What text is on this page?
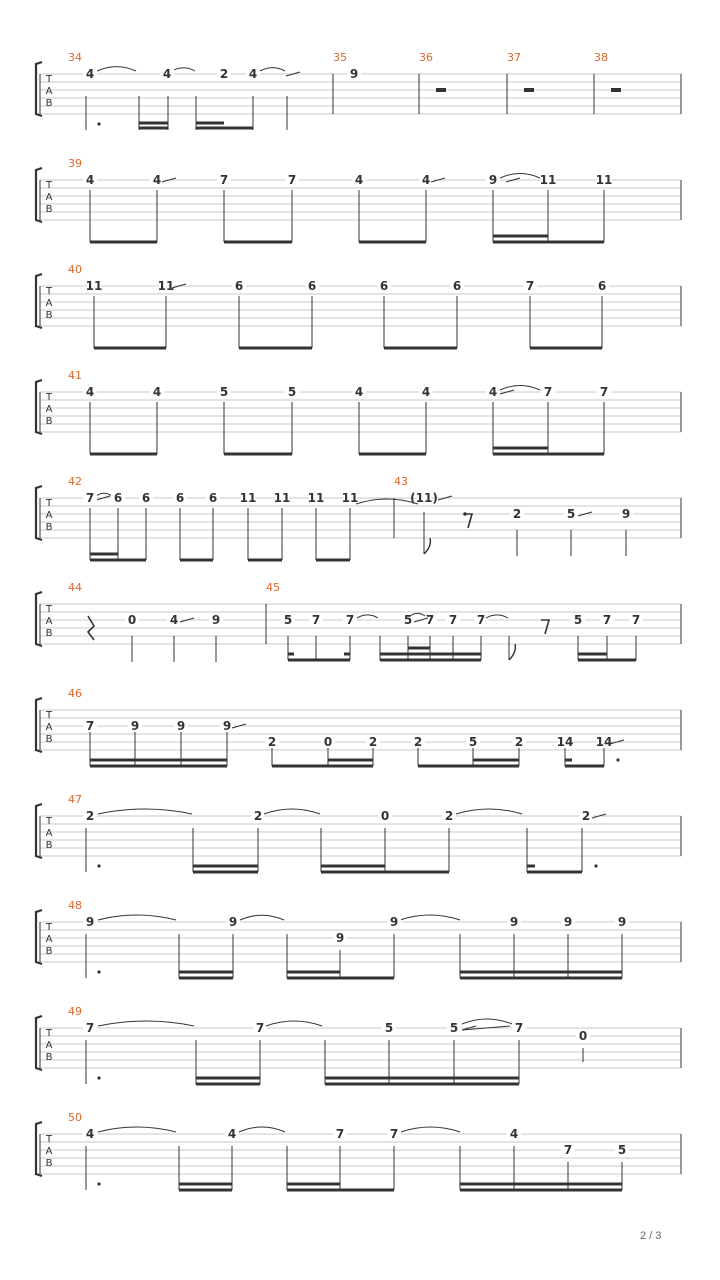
T
A
B
34	35	36	37	38
4	4	2 4	9
T
A
B
39
4	4	7	7	4	4	9	11	11
T
A
B
40
11	11	6	6	6	6	7	6
T
A
B
41
4	4	5	5	4	4	4	7	7
T
A
B
42	43
7 6 6 6 6 11 11 11 11	(11)
2	5	9
T
A
B
44	45
0	4	9	5 7 7	5 7 7 7	5 7 7
T
A
B
46
7	9	9	9
2	0	2	2	5	2	14 14
T
A
B
47
2	2	0	2	2
T
A
B
48
9	9	9	9	9
9
9
T
A
B
49
7	7	5	5	7
0
T
A
B
50
4	4	7	7	4
7	5
2 / 3
